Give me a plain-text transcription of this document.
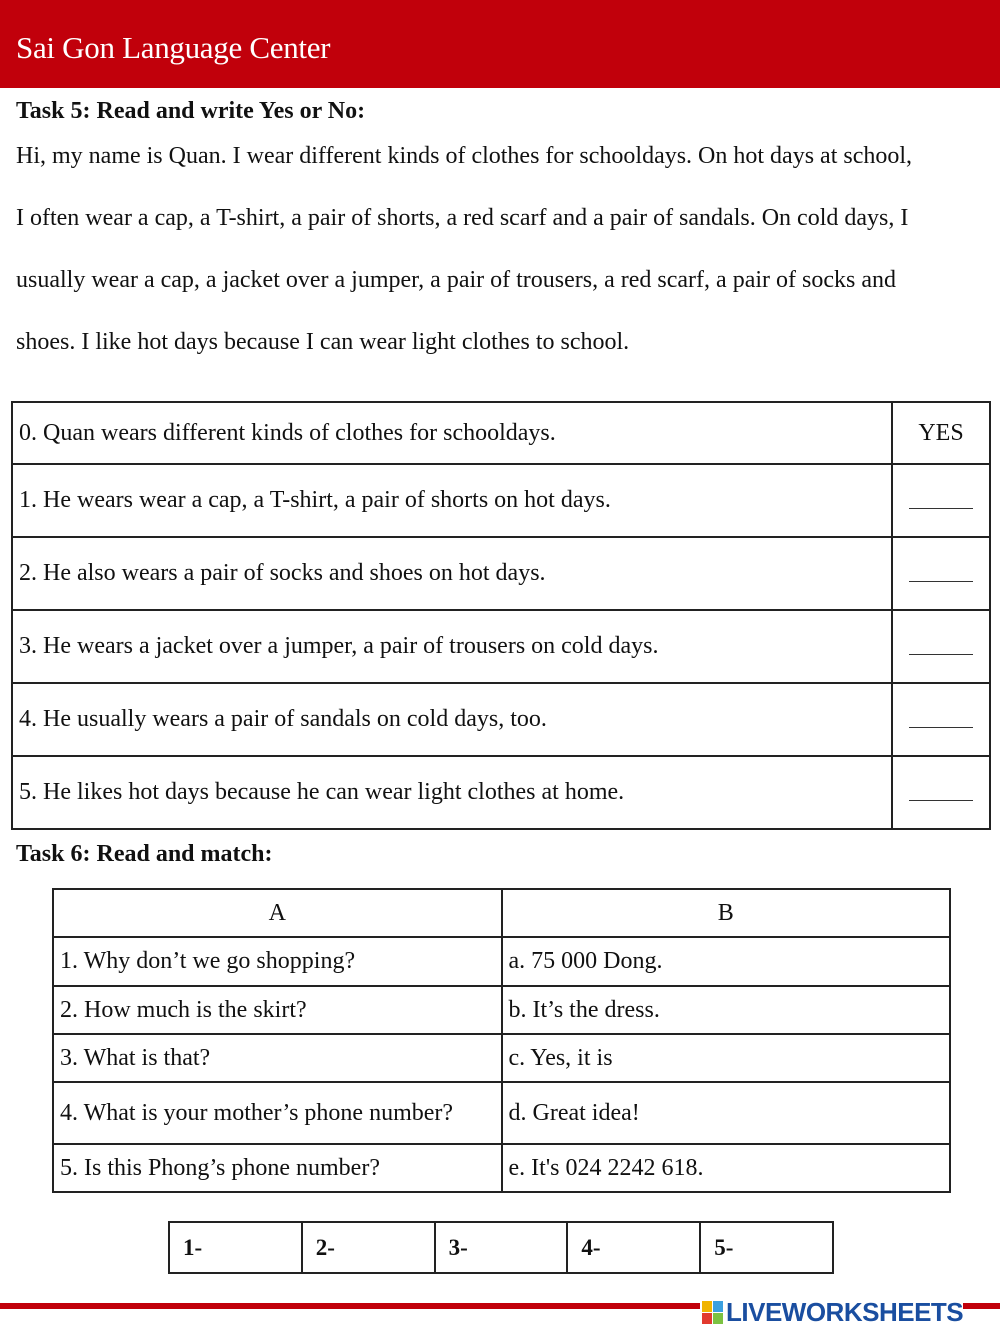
Sai Gon Language Center
Task 5: Read and write Yes or No:
Hi, my name is Quan. I wear different kinds of clothes for schooldays. On hot days at school,
I often wear a cap, a T-shirt, a pair of shorts, a red scarf and a pair of sandals. On cold days, I
usually wear a cap, a jacket over a jumper, a pair of trousers, a red scarf, a pair of socks and
shoes. I like hot days because I can wear light clothes to school.
0. Quan wears different kinds of clothes for schooldays.	YES
1. He wears wear a cap, a T-shirt, a pair of shorts on hot days.	
2. He also wears a pair of socks and shoes on hot days.	
3. He wears a jacket over a jumper, a pair of trousers on cold days.	
4. He usually wears a pair of sandals on cold days, too.	
5. He likes hot days because he can wear light clothes at home.	
Task 6: Read and match:
A	B
1. Why don’t we go shopping?	a. 75 000 Dong.
2. How much is the skirt?	b. It’s the dress.
3. What is that?	c. Yes, it is
4. What is your mother’s phone number?	d. Great idea!
5. Is this Phong’s phone number?	e. It's 024 2242 618.
1-	2-	3-	4-	5-
LIVEWORKSHEETS
